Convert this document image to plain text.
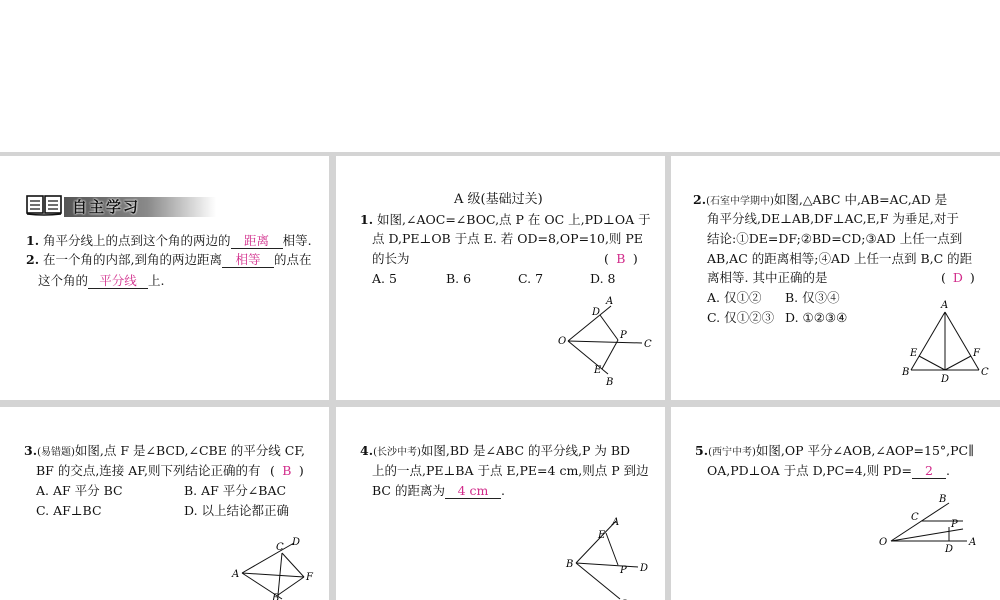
自主学习
1. 角平分线上的点到这个角的两边的 距离 相等.
2. 在一个角的内部,到角的两边距离 相等 的点在
这个角的 平分线 上.
A 级(基础过关)
1. 如图,∠AOC=∠BOC,点 P 在 OC 上,PD⊥OA 于
点 D,PE⊥OB 于点 E. 若 OD=8,OP=10,则 PE
的长为	( B )
A. 5	B. 6	C. 7	D. 8
O
A
D
P
C
E
B
2.(石室中学期中)如图,△ABC 中,AB=AC,AD 是
角平分线,DE⊥AB,DF⊥AC,E,F 为垂足,对于
结论:①DE=DF;②BD=CD;③AD 上任一点到
AB,AC 的距离相等;④AD 上任一点到 B,C 的距
离相等. 其中正确的是	( D )
A. 仅①② B. 仅③④
C. 仅①②③ D. ①②③④
A
E	F
B
D
C
3.(易错题)如图,点 F 是∠BCD,∠CBE 的平分线 CF,
BF 的交点,连接 AF,则下列结论正确的有 ( B )
A. AF 平分 BC	B. AF 平分∠BAC
C. AF⊥BC	D. 以上结论都正确
C D
A	F
B
4.(长沙中考)如图,BD 是∠ABC 的平分线,P 为 BD
上的一点,PE⊥BA 于点 E,PE=4 cm,则点 P 到边
BC 的距离为 4 cm .
A
E
B
P D
5.(西宁中考)如图,OP 平分∠AOB,∠AOP=15°,PC∥
OA,PD⊥OA 于点 D,PC=4,则 PD= 2 .
B
C
P
O
D
A
